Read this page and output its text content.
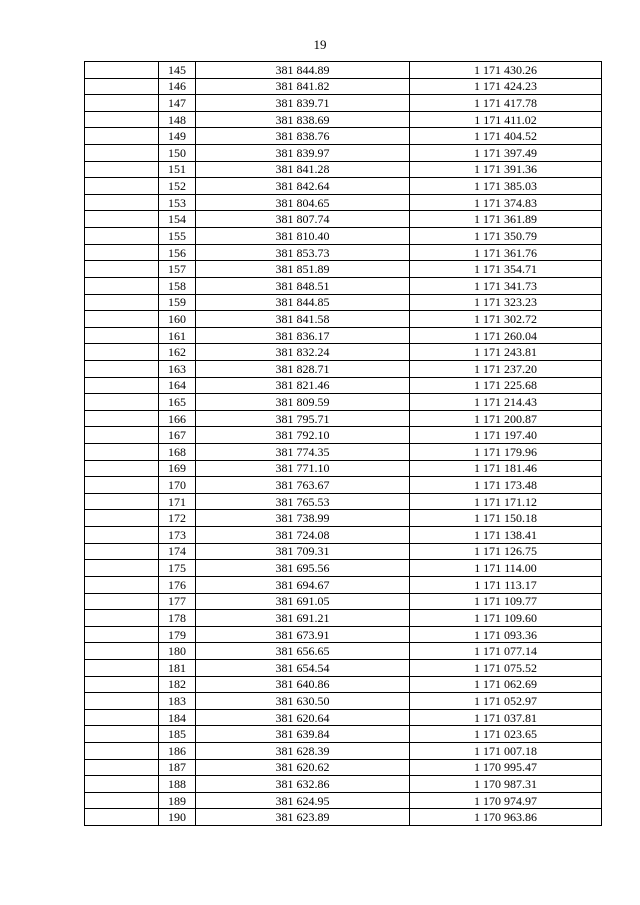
19
	145	381 844.89	1 171 430.26
	146	381 841.82	1 171 424.23
	147	381 839.71	1 171 417.78
	148	381 838.69	1 171 411.02
	149	381 838.76	1 171 404.52
	150	381 839.97	1 171 397.49
	151	381 841.28	1 171 391.36
	152	381 842.64	1 171 385.03
	153	381 804.65	1 171 374.83
	154	381 807.74	1 171 361.89
	155	381 810.40	1 171 350.79
	156	381 853.73	1 171 361.76
	157	381 851.89	1 171 354.71
	158	381 848.51	1 171 341.73
	159	381 844.85	1 171 323.23
	160	381 841.58	1 171 302.72
	161	381 836.17	1 171 260.04
	162	381 832.24	1 171 243.81
	163	381 828.71	1 171 237.20
	164	381 821.46	1 171 225.68
	165	381 809.59	1 171 214.43
	166	381 795.71	1 171 200.87
	167	381 792.10	1 171 197.40
	168	381 774.35	1 171 179.96
	169	381 771.10	1 171 181.46
	170	381 763.67	1 171 173.48
	171	381 765.53	1 171 171.12
	172	381 738.99	1 171 150.18
	173	381 724.08	1 171 138.41
	174	381 709.31	1 171 126.75
	175	381 695.56	1 171 114.00
	176	381 694.67	1 171 113.17
	177	381 691.05	1 171 109.77
	178	381 691.21	1 171 109.60
	179	381 673.91	1 171 093.36
	180	381 656.65	1 171 077.14
	181	381 654.54	1 171 075.52
	182	381 640.86	1 171 062.69
	183	381 630.50	1 171 052.97
	184	381 620.64	1 171 037.81
	185	381 639.84	1 171 023.65
	186	381 628.39	1 171 007.18
	187	381 620.62	1 170 995.47
	188	381 632.86	1 170 987.31
	189	381 624.95	1 170 974.97
	190	381 623.89	1 170 963.86
